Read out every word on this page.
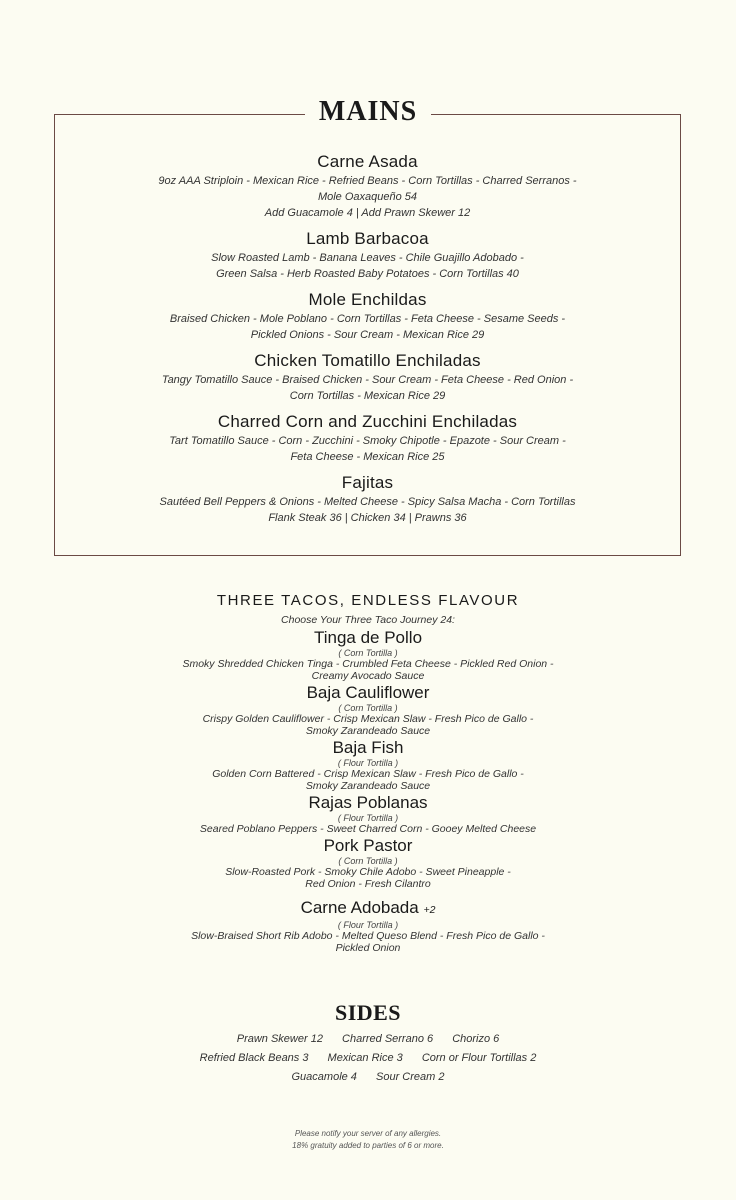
MAINS
Carne Asada
9oz AAA Striploin - Mexican Rice - Refried Beans - Corn Tortillas - Charred Serranos -
Mole Oaxaqueño 54
Add Guacamole 4 | Add Prawn Skewer 12
Lamb Barbacoa
Slow Roasted Lamb - Banana Leaves - Chile Guajillo Adobado -
Green Salsa - Herb Roasted Baby Potatoes - Corn Tortillas 40
Mole Enchildas
Braised Chicken - Mole Poblano - Corn Tortillas - Feta Cheese - Sesame Seeds -
Pickled Onions - Sour Cream - Mexican Rice 29
Chicken Tomatillo Enchiladas
Tangy Tomatillo Sauce - Braised Chicken - Sour Cream - Feta Cheese - Red Onion -
Corn Tortillas - Mexican Rice 29
Charred Corn and Zucchini Enchiladas
Tart Tomatillo Sauce - Corn - Zucchini - Smoky Chipotle - Epazote - Sour Cream -
Feta Cheese - Mexican Rice 25
Fajitas
Sautéed Bell Peppers & Onions - Melted Cheese - Spicy Salsa Macha - Corn Tortillas
Flank Steak 36 | Chicken 34 | Prawns 36
THREE TACOS, ENDLESS FLAVOUR
Choose Your Three Taco Journey 24:
Tinga de Pollo
( Corn Tortilla )
Smoky Shredded Chicken Tinga - Crumbled Feta Cheese - Pickled Red Onion -
Creamy Avocado Sauce
Baja Cauliflower
( Corn Tortilla )
Crispy Golden Cauliflower - Crisp Mexican Slaw - Fresh Pico de Gallo -
Smoky Zarandeado Sauce
Baja Fish
( Flour Tortilla )
Golden Corn Battered - Crisp Mexican Slaw - Fresh Pico de Gallo -
Smoky Zarandeado Sauce
Rajas Poblanas
( Flour Tortilla )
Seared Poblano Peppers - Sweet Charred Corn - Gooey Melted Cheese
Pork Pastor
( Corn Tortilla )
Slow-Roasted Pork - Smoky Chile Adobo - Sweet Pineapple -
Red Onion - Fresh Cilantro
Carne Adobada +2
( Flour Tortilla )
Slow-Braised Short Rib Adobo - Melted Queso Blend - Fresh Pico de Gallo -
Pickled Onion
SIDES
Prawn Skewer 12 Charred Serrano 6 Chorizo 6
Refried Black Beans 3 Mexican Rice 3 Corn or Flour Tortillas 2
Guacamole 4 Sour Cream 2
Please notify your server of any allergies.
18% gratuity added to parties of 6 or more.
